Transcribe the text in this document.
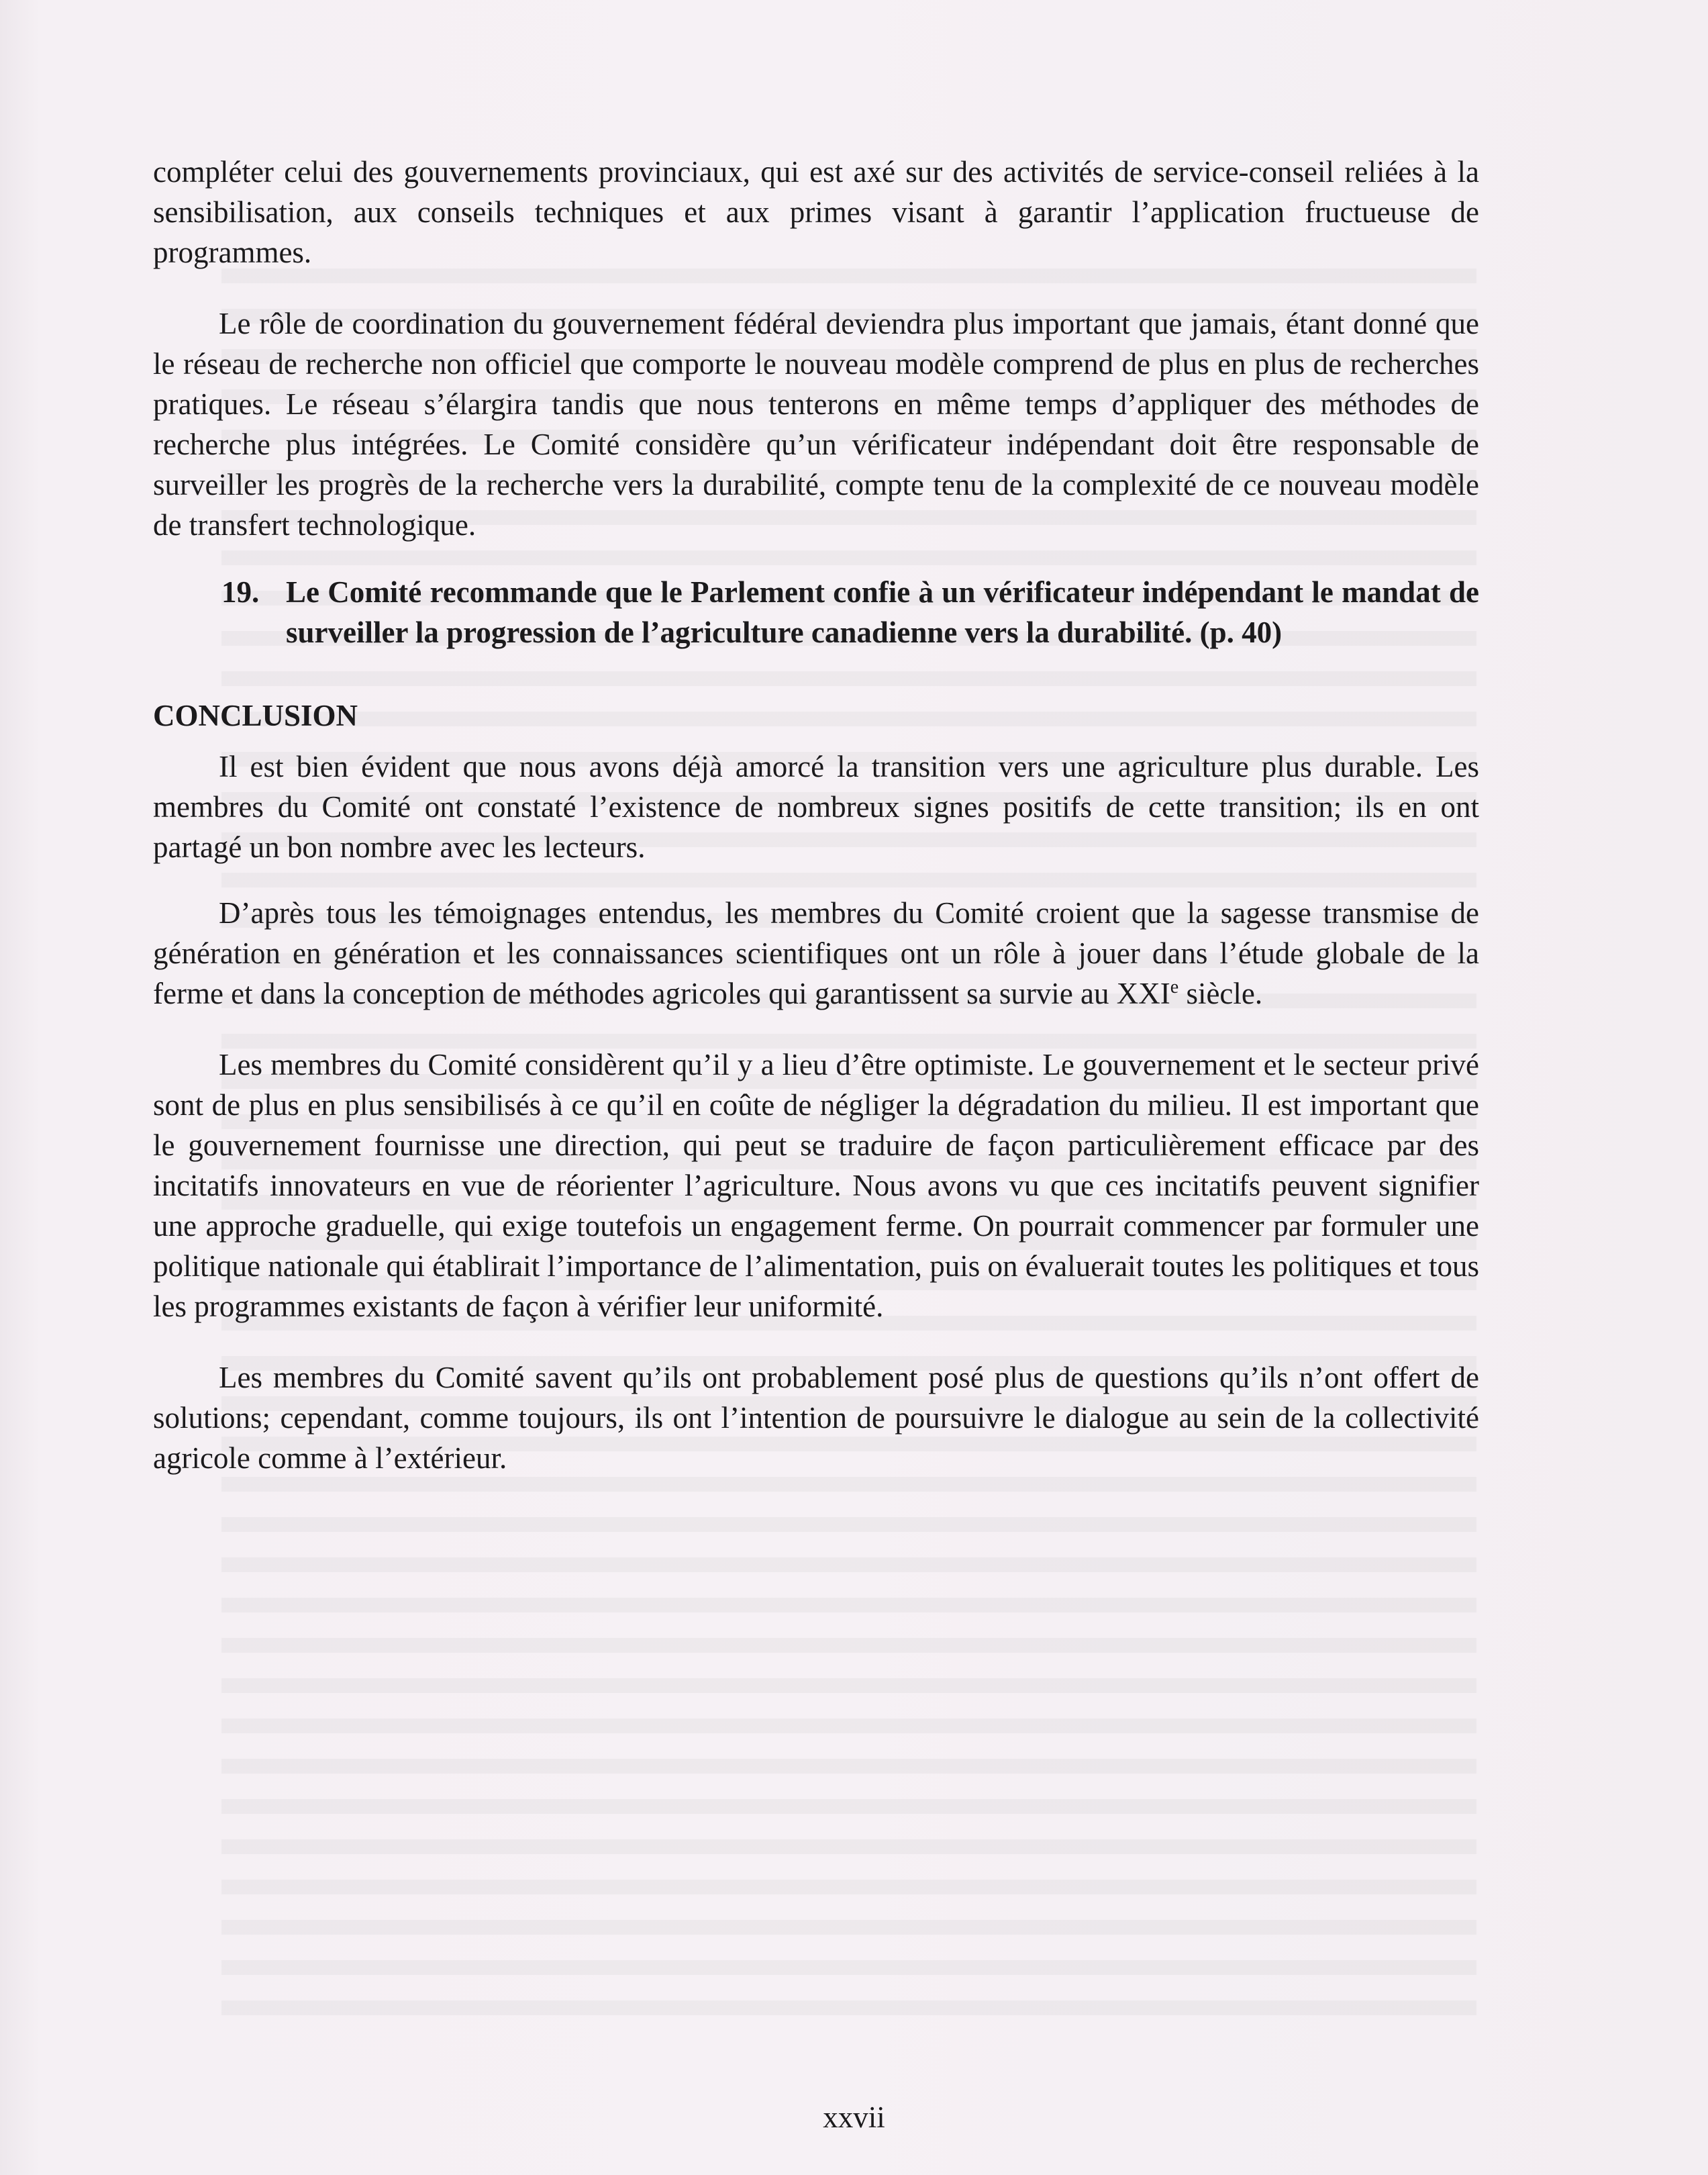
compléter celui des gouvernements provinciaux, qui est axé sur des activités de service-conseil reliées à la sensibilisation, aux conseils techniques et aux primes visant à garantir l’application fructueuse de programmes.

Le rôle de coordination du gouvernement fédéral deviendra plus important que jamais, étant donné que le réseau de recherche non officiel que comporte le nouveau modèle comprend de plus en plus de recherches pratiques. Le réseau s’élargira tandis que nous tenterons en même temps d’appliquer des méthodes de recherche plus intégrées. Le Comité considère qu’un vérificateur indépendant doit être responsable de surveiller les progrès de la recherche vers la durabilité, compte tenu de la complexité de ce nouveau modèle de transfert technologique.

19. Le Comité recommande que le Parlement confie à un vérificateur indépendant le mandat de surveiller la progression de l’agriculture canadienne vers la durabilité. (p. 40)
CONCLUSION

Il est bien évident que nous avons déjà amorcé la transition vers une agriculture plus durable. Les membres du Comité ont constaté l’existence de nombreux signes positifs de cette transition; ils en ont partagé un bon nombre avec les lecteurs.

D’après tous les témoignages entendus, les membres du Comité croient que la sagesse transmise de génération en génération et les connaissances scientifiques ont un rôle à jouer dans l’étude globale de la ferme et dans la conception de méthodes agricoles qui garantissent sa survie au XXIe siècle.

Les membres du Comité considèrent qu’il y a lieu d’être optimiste. Le gouvernement et le secteur privé sont de plus en plus sensibilisés à ce qu’il en coûte de négliger la dégradation du milieu. Il est important que le gouvernement fournisse une direction, qui peut se traduire de façon particulièrement efficace par des incitatifs innovateurs en vue de réorienter l’agriculture. Nous avons vu que ces incitatifs peuvent signifier une approche graduelle, qui exige toutefois un engagement ferme. On pourrait commencer par formuler une politique nationale qui établirait l’importance de l’alimentation, puis on évaluerait toutes les politiques et tous les programmes existants de façon à vérifier leur uniformité.

Les membres du Comité savent qu’ils ont probablement posé plus de questions qu’ils n’ont offert de solutions; cependant, comme toujours, ils ont l’intention de poursuivre le dialogue au sein de la collectivité agricole comme à l’extérieur.

xxvii
